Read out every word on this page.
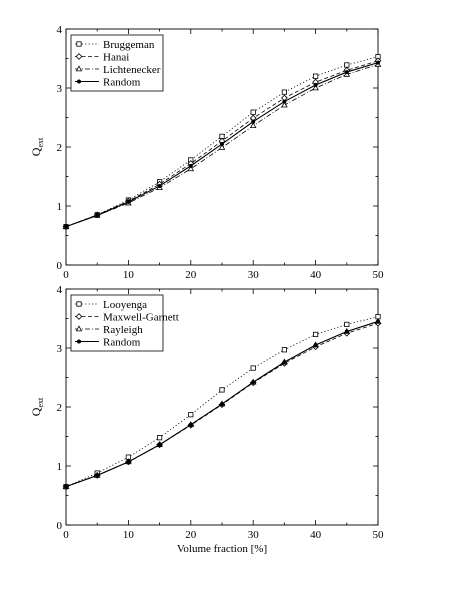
0	10	20	30	40	50
0
1
2
3
4
$Q_{ext}$
Bruggeman
Hanai
Lichtenecker
Random
0	10	20	30	40	50
0
1
2
3
4
$Q_{ext}$
Volume fraction [%]
Looyenga
Maxwell-Garnett
Rayleigh
Random
